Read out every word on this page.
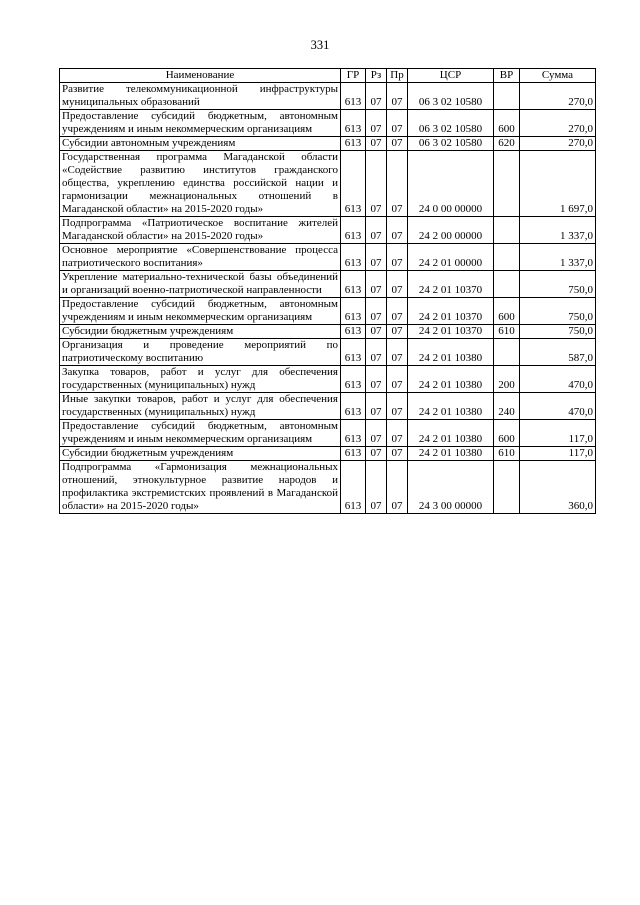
331
Наименование	ГР	Рз	Пр	ЦСР	ВР	Сумма
Развитие телекоммуникационной инфраструктуры муниципальных образований	613	07	07	06 3 02 10580		270,0
Предоставление субсидий бюджетным, автономным учреждениям и иным некоммерческим организациям	613	07	07	06 3 02 10580	600	270,0
Субсидии автономным учреждениям	613	07	07	06 3 02 10580	620	270,0
Государственная программа Магаданской области «Содействие развитию институтов гражданского общества, укреплению единства российской нации и гармонизации межнациональных отношений в Магаданской области» на 2015-2020 годы»	613	07	07	24 0 00 00000		1 697,0
Подпрограмма «Патриотическое воспитание жителей Магаданской области» на 2015-2020 годы»	613	07	07	24 2 00 00000		1 337,0
Основное мероприятие «Совершенствование процесса патриотического воспитания»	613	07	07	24 2 01 00000		1 337,0
Укрепление материально-технической базы объединений и организаций военно-патриотической направленности	613	07	07	24 2 01 10370		750,0
Предоставление субсидий бюджетным, автономным учреждениям и иным некоммерческим организациям	613	07	07	24 2 01 10370	600	750,0
Субсидии бюджетным учреждениям	613	07	07	24 2 01 10370	610	750,0
Организация и проведение мероприятий по патриотическому воспитанию	613	07	07	24 2 01 10380		587,0
Закупка товаров, работ и услуг для обеспечения государственных (муниципальных) нужд	613	07	07	24 2 01 10380	200	470,0
Иные закупки товаров, работ и услуг для обеспечения государственных (муниципальных) нужд	613	07	07	24 2 01 10380	240	470,0
Предоставление субсидий бюджетным, автономным учреждениям и иным некоммерческим организациям	613	07	07	24 2 01 10380	600	117,0
Субсидии бюджетным учреждениям	613	07	07	24 2 01 10380	610	117,0
Подпрограмма «Гармонизация межнациональных отношений, этнокультурное развитие народов и профилактика экстремистских проявлений в Магаданской области» на 2015-2020 годы»	613	07	07	24 3 00 00000		360,0
